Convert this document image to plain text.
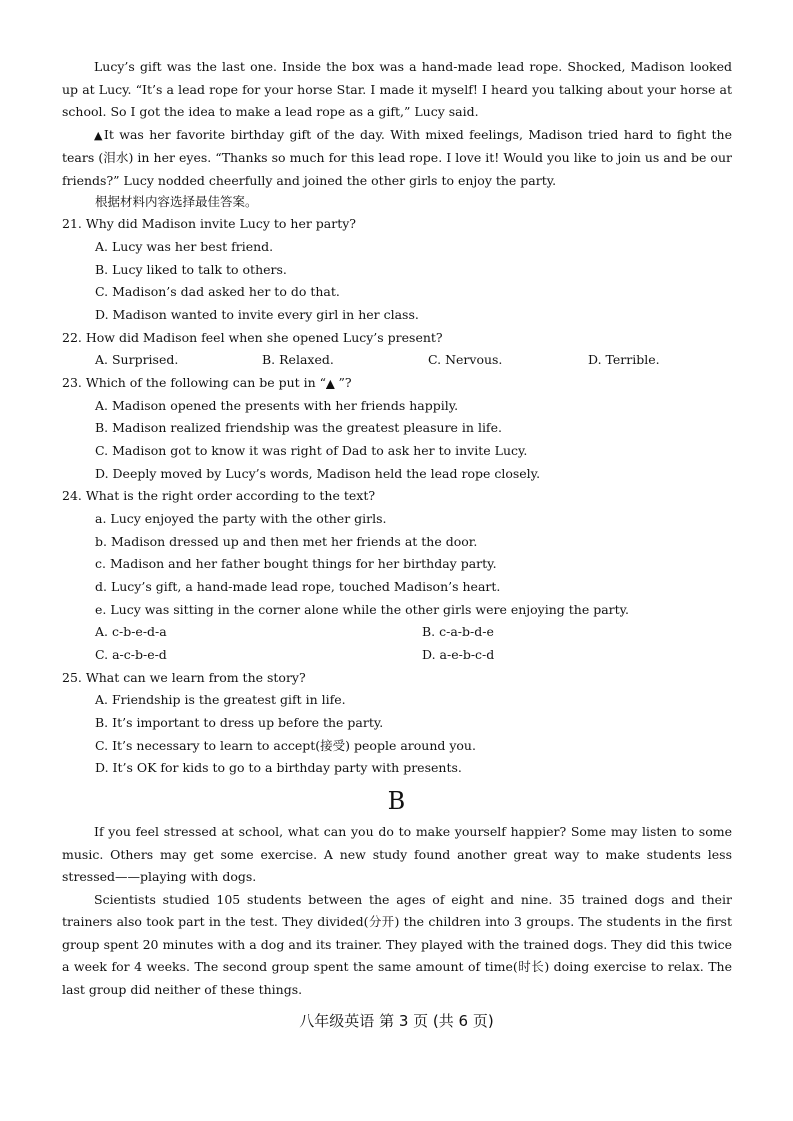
Lucy’s gift was the last one. Inside the box was a hand-made lead rope. Shocked, Madison looked up at Lucy. “It’s a lead rope for your horse Star. I made it myself! I heard you talking about your horse at school. So I got the idea to make a lead rope as a gift,” Lucy said.

▲It was her favorite birthday gift of the day. With mixed feelings, Madison tried hard to fight the tears (泪水) in her eyes. “Thanks so much for this lead rope. I love it! Would you like to join us and be our friends?” Lucy nodded cheerfully and joined the other girls to enjoy the party.

根据材料内容选择最佳答案。
21. Why did Madison invite Lucy to her party?
A. Lucy was her best friend.
B. Lucy liked to talk to others.
C. Madison’s dad asked her to do that.
D. Madison wanted to invite every girl in her class.
22. How did Madison feel when she opened Lucy’s present?
A. Surprised.	B. Relaxed.	C. Nervous.	D. Terrible.
23. Which of the following can be put in “▲ ”?
A. Madison opened the presents with her friends happily.
B. Madison realized friendship was the greatest pleasure in life.
C. Madison got to know it was right of Dad to ask her to invite Lucy.
D. Deeply moved by Lucy’s words, Madison held the lead rope closely.
24. What is the right order according to the text?
a. Lucy enjoyed the party with the other girls.
b. Madison dressed up and then met her friends at the door.
c. Madison and her father bought things for her birthday party.
d. Lucy’s gift, a hand-made lead rope, touched Madison’s heart.
e. Lucy was sitting in the corner alone while the other girls were enjoying the party.
A. c-b-e-d-a	B. c-a-b-d-e
C. a-c-b-e-d	D. a-e-b-c-d
25. What can we learn from the story?
A. Friendship is the greatest gift in life.
B. It’s important to dress up before the party.
C. It’s necessary to learn to accept(接受) people around you.
D. It’s OK for kids to go to a birthday party with presents.
B

If you feel stressed at school, what can you do to make yourself happier? Some may listen to some music. Others may get some exercise. A new study found another great way to make students less stressed——playing with dogs.

Scientists studied 105 students between the ages of eight and nine. 35 trained dogs and their trainers also took part in the test. They divided(分开) the children into 3 groups. The students in the first group spent 20 minutes with a dog and its trainer. They played with the trained dogs. They did this twice a week for 4 weeks. The second group spent the same amount of time(时长) doing exercise to relax. The last group did neither of these things.

八年级英语 第 3 页 (共 6 页)
